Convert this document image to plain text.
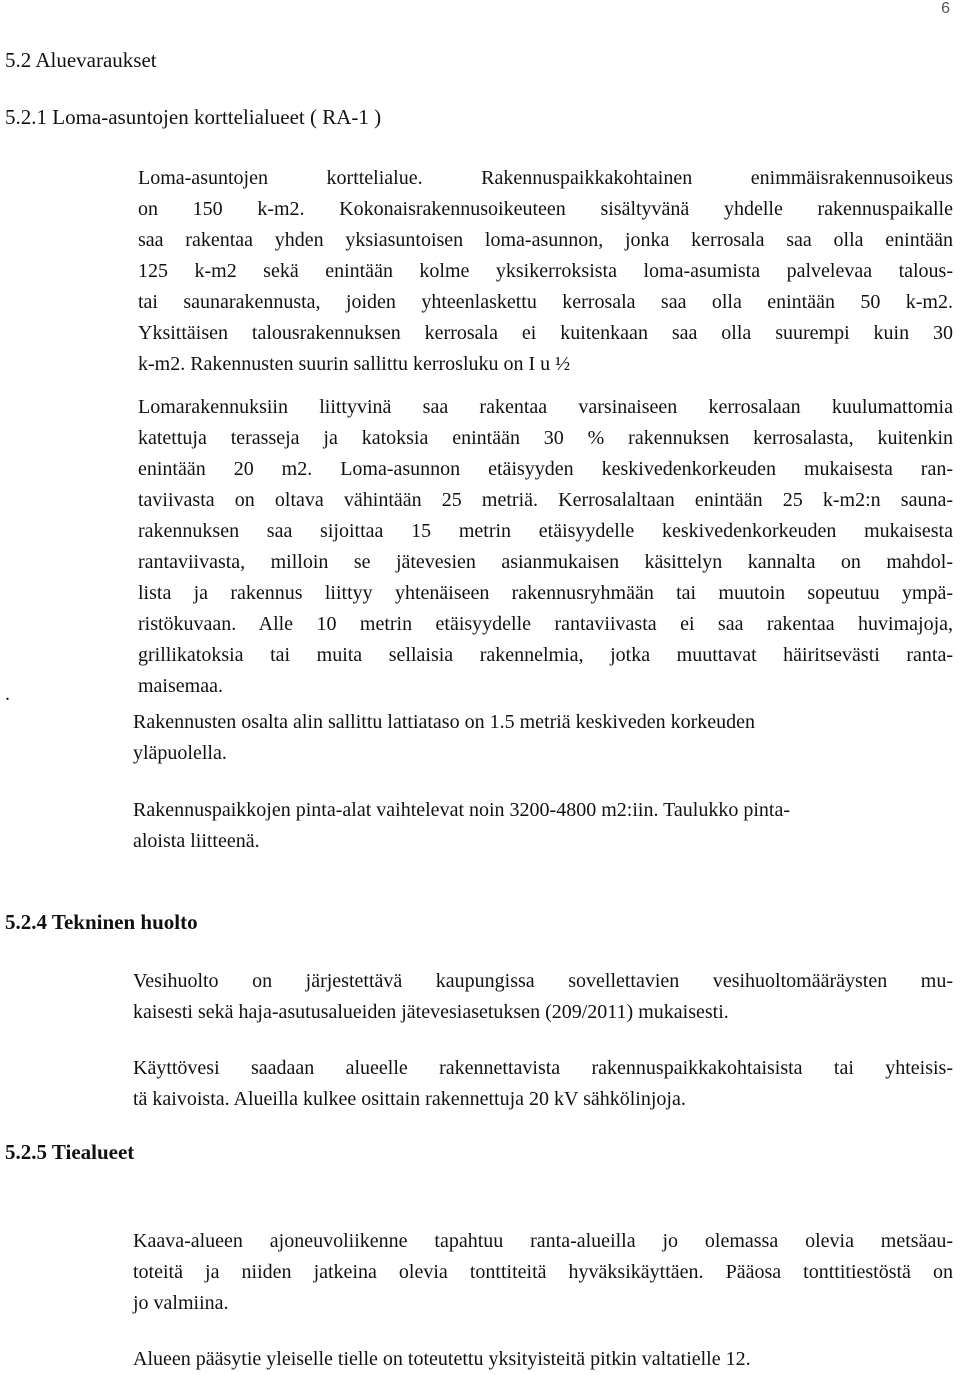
6
5.2 Aluevaraukset
5.2.1 Loma-asuntojen korttelialueet ( RA-1 )
Loma-asuntojen korttelialue. Rakennuspaikkakohtainen enimmäisrakennusoikeus
on 150 k-m2. Kokonaisrakennusoikeuteen sisältyvänä yhdelle rakennuspaikalle
saa rakentaa yhden yksiasuntoisen loma-asunnon, jonka kerrosala saa olla enintään
125 k-m2 sekä enintään kolme yksikerroksista loma-asumista palvelevaa talous-
tai saunarakennusta, joiden yhteenlaskettu kerrosala saa olla enintään 50 k-m2.
Yksittäisen talousrakennuksen kerrosala ei kuitenkaan saa olla suurempi kuin 30
k-m2. Rakennusten suurin sallittu kerrosluku on I u ½
Lomarakennuksiin liittyvinä saa rakentaa varsinaiseen kerrosalaan kuulumattomia
katettuja terasseja ja katoksia enintään 30 % rakennuksen kerrosalasta, kuitenkin
enintään 20 m2. Loma-asunnon etäisyyden keskivedenkorkeuden mukaisesta ran-
taviivasta on oltava vähintään 25 metriä. Kerrosalaltaan enintään 25 k-m2:n sauna-
rakennuksen saa sijoittaa 15 metrin etäisyydelle keskivedenkorkeuden mukaisesta
rantaviivasta, milloin se jätevesien asianmukaisen käsittelyn kannalta on mahdol-
lista ja rakennus liittyy yhtenäiseen rakennusryhmään tai muutoin sopeutuu ympä-
ristökuvaan. Alle 10 metrin etäisyydelle rantaviivasta ei saa rakentaa huvimajoja,
grillikatoksia tai muita sellaisia rakennelmia, jotka muuttavat häiritsevästi ranta-
maisemaa.
.
Rakennusten osalta alin sallittu lattiataso on 1.5 metriä keskiveden korkeuden
yläpuolella.
Rakennuspaikkojen pinta-alat vaihtelevat noin 3200-4800 m2:iin. Taulukko pinta-
aloista liitteenä.
5.2.4 Tekninen huolto
Vesihuolto on järjestettävä kaupungissa sovellettavien vesihuoltomääräysten mu-
kaisesti sekä haja-asutusalueiden jätevesiasetuksen (209/2011) mukaisesti.
Käyttövesi saadaan alueelle rakennettavista rakennuspaikkakohtaisista tai yhteisis-
tä kaivoista. Alueilla kulkee osittain rakennettuja 20 kV sähkölinjoja.
5.2.5 Tiealueet
Kaava-alueen ajoneuvoliikenne tapahtuu ranta-alueilla jo olemassa olevia metsäau-
toteitä ja niiden jatkeina olevia tonttiteitä hyväksikäyttäen. Pääosa tonttitiestöstä on
jo valmiina.
Alueen pääsytie yleiselle tielle on toteutettu yksityisteitä pitkin valtatielle 12.
